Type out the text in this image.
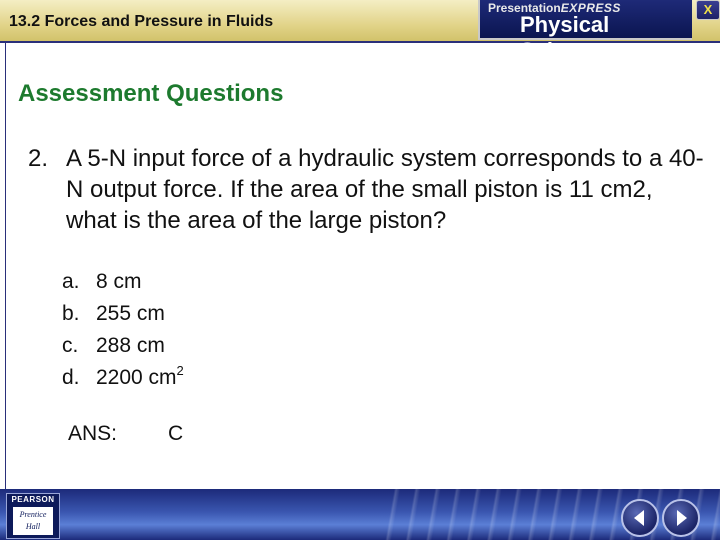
13.2 Forces and Pressure in Fluids
PresentationEXPRESS
Physical Science
X
Assessment Questions
2. A 5-N input force of a hydraulic system corresponds to a 40-N output force. If the area of the small piston is 11 cm2, what is the area of the large piston?
a. 8 cm
b. 255 cm
c. 288 cm
d. 2200 $cm^2$
ANS: C
PEARSON
Prentice
Hall
